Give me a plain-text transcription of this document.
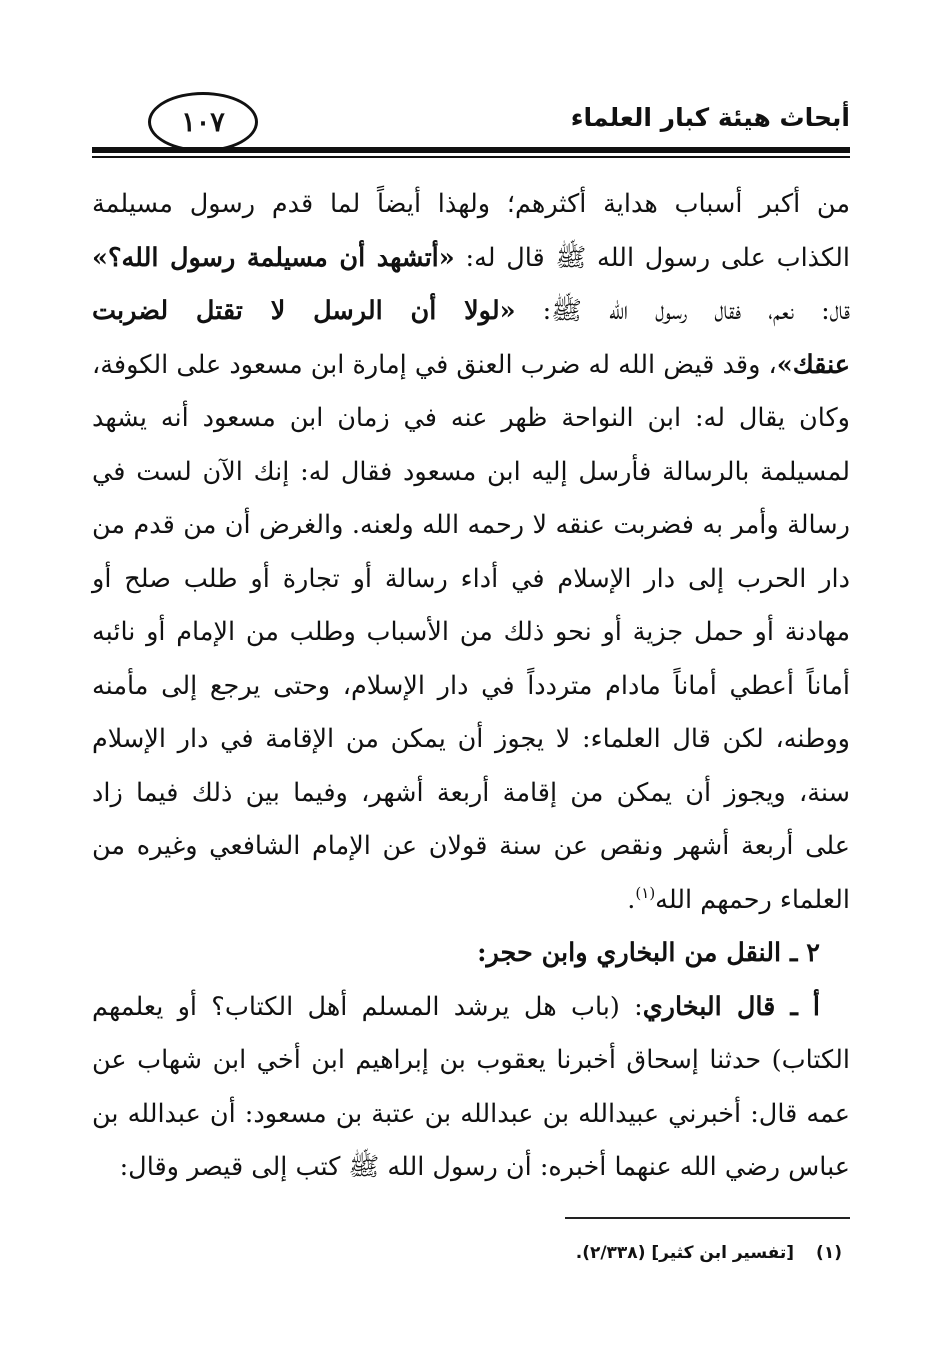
أبحاث هيئة كبار العلماء
١٠٧
من أكبر أسباب هداية أكثرهم؛ ولهذا أيضاً لما قدم رسول مسيلمة
الكذاب على رسول الله ﷺ قال له: «أتشهد أن مسيلمة رسول الله؟»
قال: نعم، فقال رسول الله ﷺ: «لولا أن الرسل لا تقتل لضربت
عنقك»، وقد قيض الله له ضرب العنق في إمارة ابن مسعود على الكوفة،
وكان يقال له: ابن النواحة ظهر عنه في زمان ابن مسعود أنه يشهد
لمسيلمة بالرسالة فأرسل إليه ابن مسعود فقال له: إنك الآن لست في
رسالة وأمر به فضربت عنقه لا رحمه الله ولعنه. والغرض أن من قدم من
دار الحرب إلى دار الإسلام في أداء رسالة أو تجارة أو طلب صلح أو
مهادنة أو حمل جزية أو نحو ذلك من الأسباب وطلب من الإمام أو نائبه
أماناً أعطي أماناً مادام متردداً في دار الإسلام، وحتى يرجع إلى مأمنه
ووطنه، لكن قال العلماء: لا يجوز أن يمكن من الإقامة في دار الإسلام
سنة، ويجوز أن يمكن من إقامة أربعة أشهر، وفيما بين ذلك فيما زاد
على أربعة أشهر ونقص عن سنة قولان عن الإمام الشافعي وغيره من
العلماء رحمهم الله$^{(١)}$.
٢ ـ النقل من البخاري وابن حجر:
أ ـ قال البخاري: (باب هل يرشد المسلم أهل الكتاب؟ أو يعلمهم
الكتاب) حدثنا إسحاق أخبرنا يعقوب بن إبراهيم ابن أخي ابن شهاب عن
عمه قال: أخبرني عبيدالله بن عبدالله بن عتبة بن مسعود: أن عبدالله بن
عباس رضي الله عنهما أخبره: أن رسول الله ﷺ كتب إلى قيصر وقال:
(١)[تفسير ابن كثير] (٢/٣٣٨).
